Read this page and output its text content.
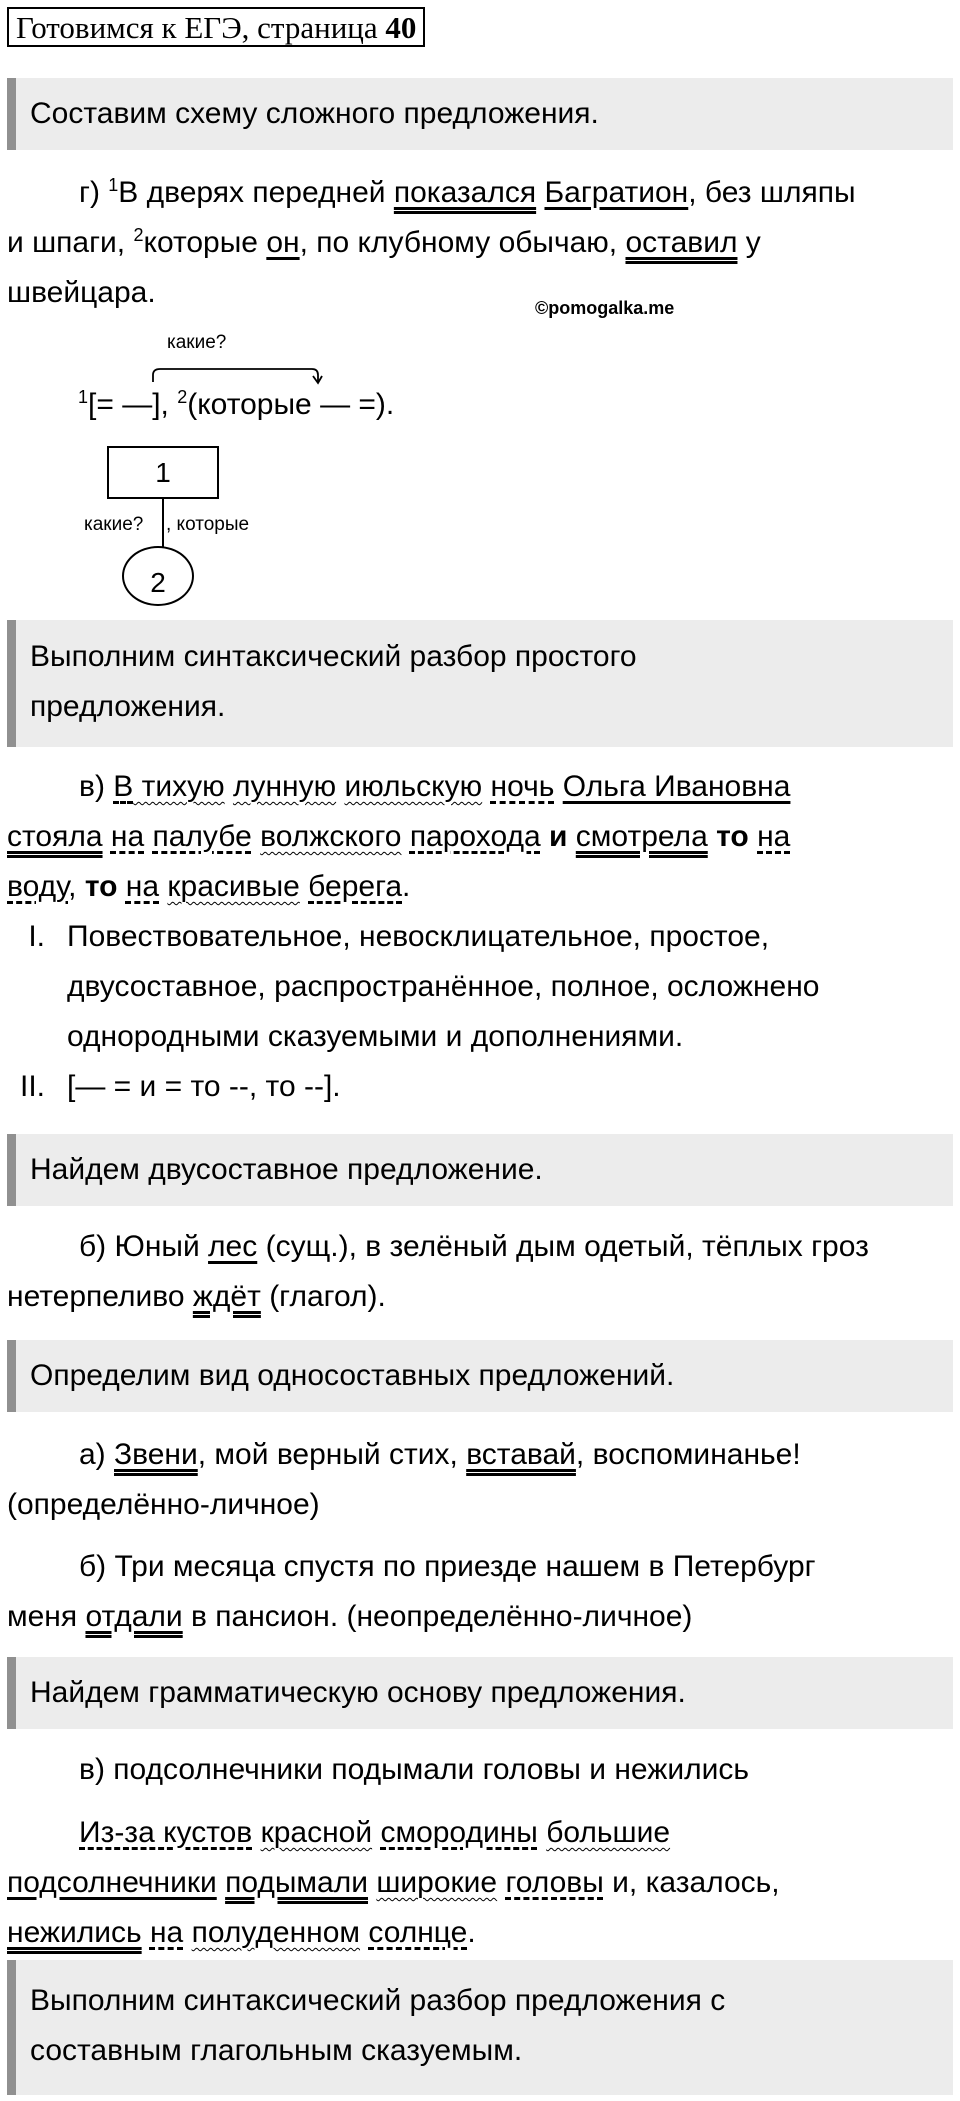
Готовимся к ЕГЭ, страница 40
Составим схему сложного предложения.
г) $^1$В дверях передней показался Багратион, без шляпы
и шпаги, $^2$которые он, по клубному обычаю, оставил у
швейцара.	©pomogalka.me
какие?
$^1$[= —], $^2$(которые — =).
1
какие? , которые
2
Выполним синтаксический разбор простого
предложения.
в) В тихую лунную июльскую ночь Ольга Ивановна
стояла на палубе волжского парохода и смотрела то на
воду, то на красивые берега.
I. Повествовательное, невосклицательное, простое,
двусоставное, распространённое, полное, осложнено
однородными сказуемыми и дополнениями.
II. [— = и = то --, то --].
Найдем двусоставное предложение.
б) Юный лес (сущ.), в зелёный дым одетый, тёплых гроз
нетерпеливо ждёт (глагол).
Определим вид односоставных предложений.
а) Звени, мой верный стих, вставай, воспоминанье!
(определённо-личное)
б) Три месяца спустя по приезде нашем в Петербург
меня отдали в пансион. (неопределённо-личное)
Найдем грамматическую основу предложения.
в) подсолнечники подымали головы и нежились
Из-за кустов красной смородины большие
подсолнечники подымали широкие головы и, казалось,
нежились на полуденном солнце.
Выполним синтаксический разбор предложения с
составным глагольным сказуемым.
